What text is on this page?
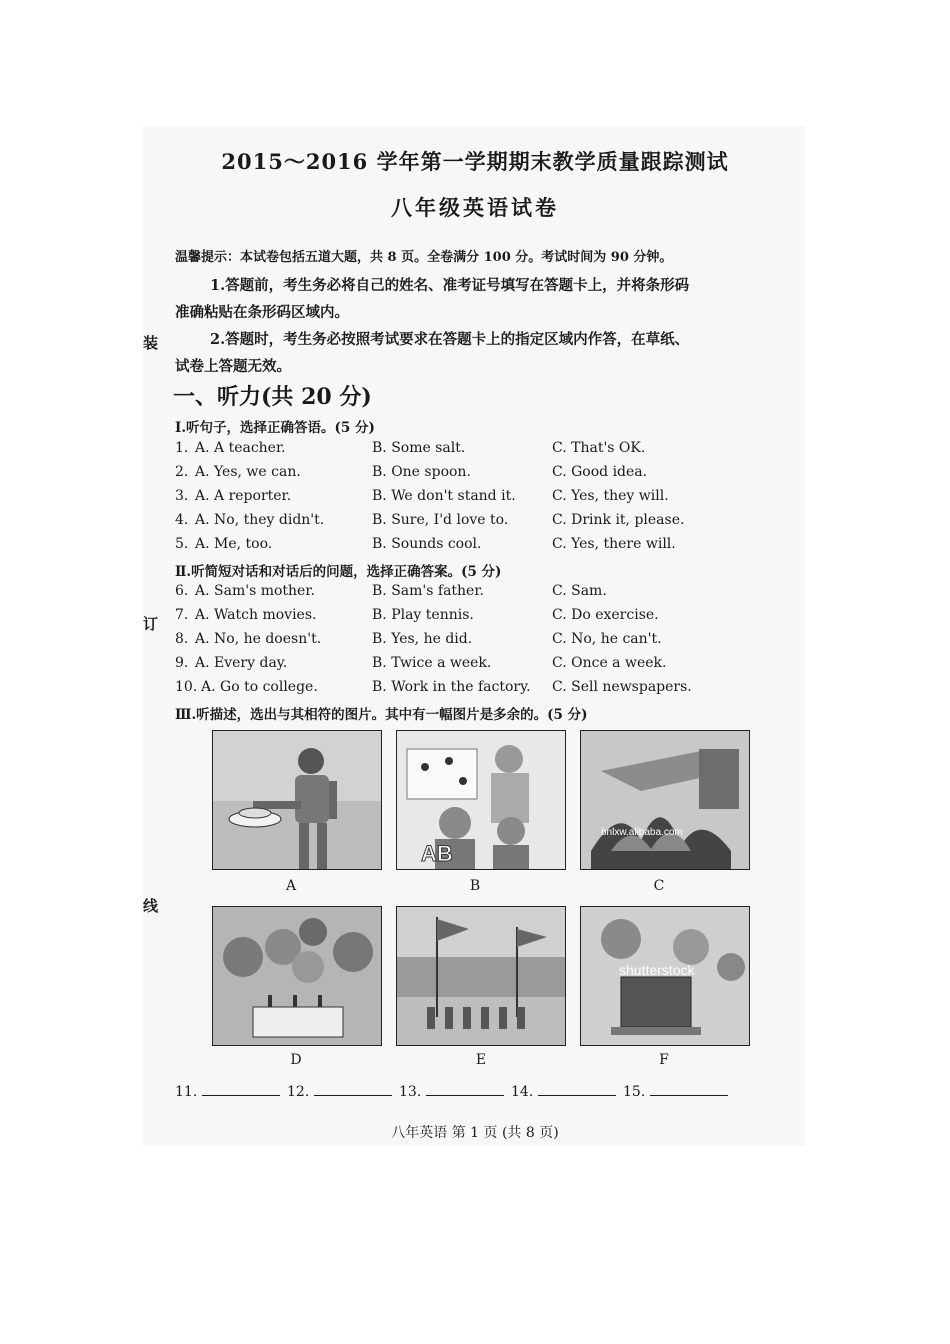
装
订
线
2015～2016 学年第一学期期末教学质量跟踪测试
八年级英语试卷
温馨提示：本试卷包括五道大题，共 8 页。全卷满分 100 分。考试时间为 90 分钟。
1.答题前，考生务必将自己的姓名、准考证号填写在答题卡上，并将条形码
准确粘贴在条形码区域内。
2.答题时，考生务必按照考试要求在答题卡上的指定区域内作答，在草纸、
试卷上答题无效。
一、听力(共 20 分)
Ⅰ.听句子，选择正确答语。(5 分)
1. A. A teacher.	B. Some salt.	C. That's OK.
2. A. Yes, we can.	B. One spoon.	C. Good idea.
3. A. A reporter.	B. We don't stand it.	C. Yes, they will.
4. A. No, they didn't.	B. Sure, I'd love to.	C. Drink it, please.
5. A. Me, too.	B. Sounds cool.	C. Yes, there will.
Ⅱ.听简短对话和对话后的问题，选择正确答案。(5 分)
6. A. Sam's mother.	B. Sam's father.	C. Sam.
7. A. Watch movies.	B. Play tennis.	C. Do exercise.
8. A. No, he doesn't.	B. Yes, he did.	C. No, he can't.
9. A. Every day.	B. Twice a week.	C. Once a week.
10. A. Go to college.	B. Work in the factory. C. Sell newspapers.
Ⅲ.听描述，选出与其相符的图片。其中有一幅图片是多余的。(5 分)
AB
bnlxw.alibaba.com
shutterstock
A	B	C
D	E	F
11.	12.	13.	14.	15.
八年英语 第 1 页 (共 8 页)
